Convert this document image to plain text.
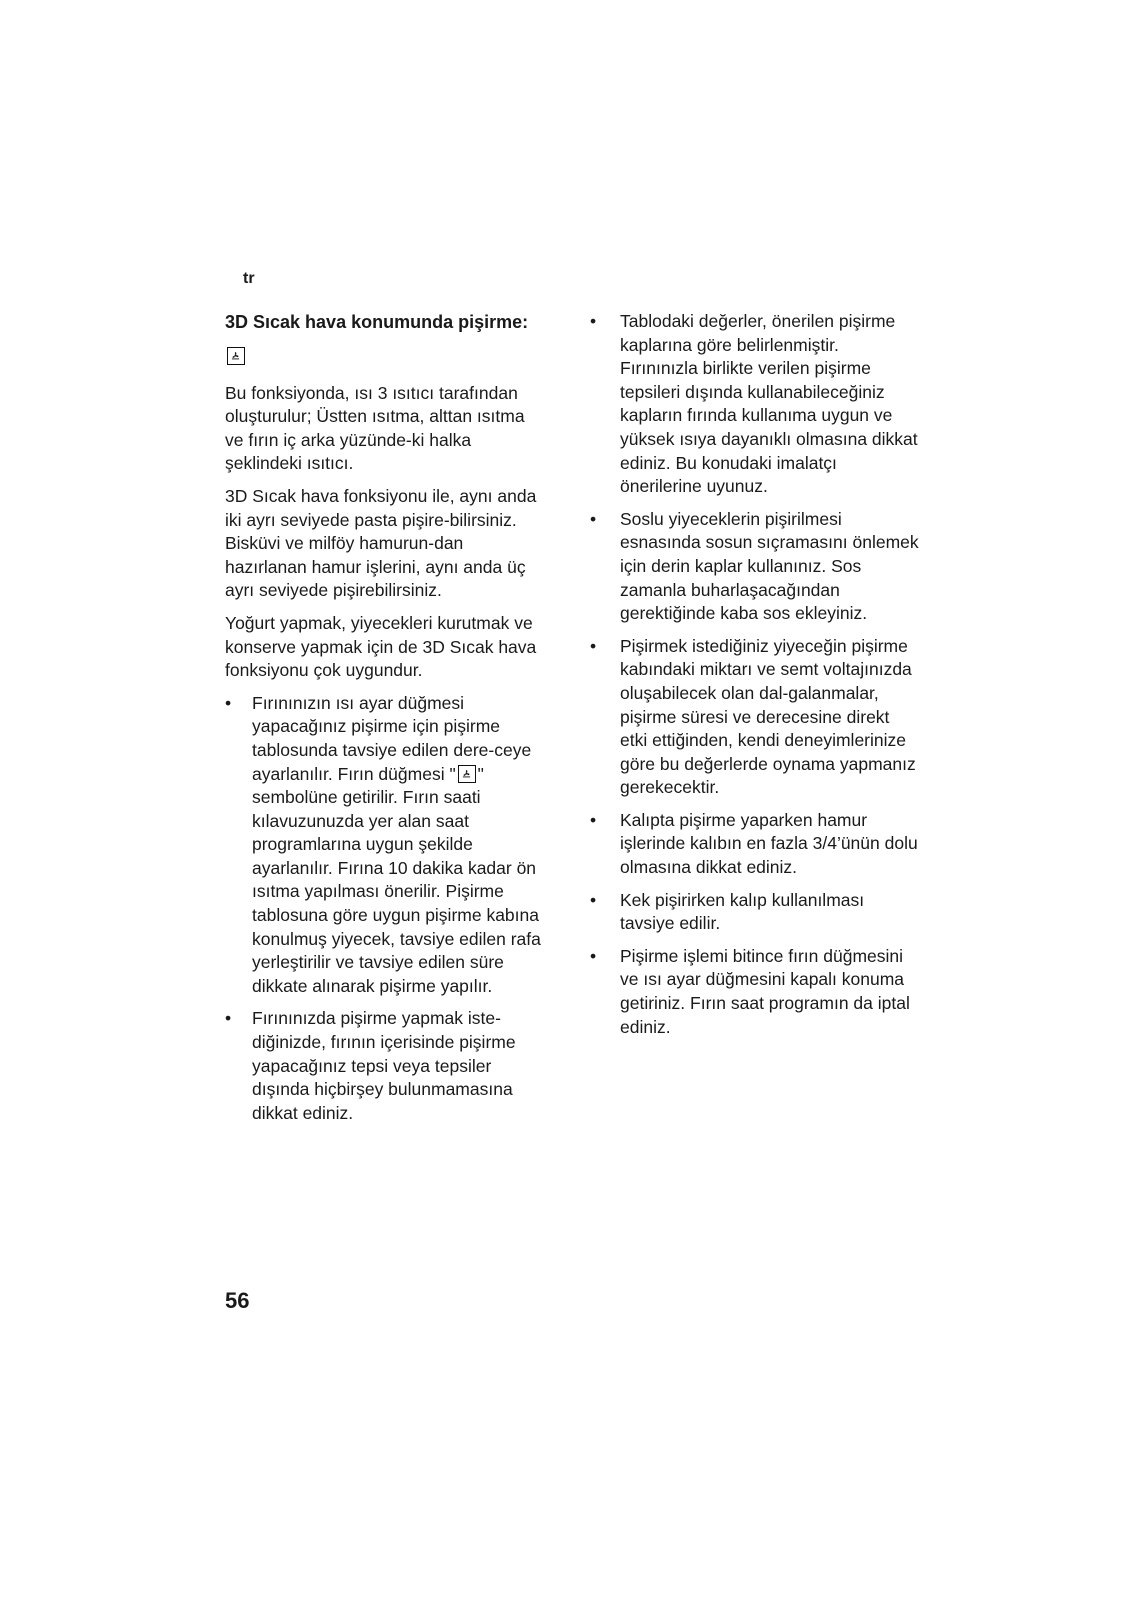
tr

3D Sıcak hava konumunda pişirme:

Bu fonksiyonda, ısı 3 ısıtıcı tarafından oluşturulur; Üstten ısıtma, alttan ısıtma ve fırın iç arka yüzünde-ki halka şeklindeki ısıtıcı.

3D Sıcak hava fonksiyonu ile, aynı anda iki ayrı seviyede pasta pişire-bilirsiniz. Bisküvi ve milföy hamurun-dan hazırlanan hamur işlerini, aynı anda üç ayrı seviyede pişirebilirsiniz.

Yoğurt yapmak, yiyecekleri kurutmak ve konserve yapmak için de 3D Sıcak hava fonksiyonu çok uygundur.

•	Fırınınızın ısı ayar düğmesi yapacağınız pişirme için pişirme tablosunda tavsiye edilen dere-ceye ayarlanılır. Fırın düğmesi " " sembolüne getirilir. Fırın saati kılavuzunuzda yer alan saat programlarına uygun şekilde ayarlanılır. Fırına 10 dakika kadar ön ısıtma yapılması önerilir. Pişirme tablosuna göre uygun pişirme kabına konulmuş yiyecek, tavsiye edilen rafa yerleştirilir ve tavsiye edilen süre dikkate alınarak pişirme yapılır.
•	Fırınınızda pişirme yapmak iste-diğinizde, fırının içerisinde pişirme yapacağınız tepsi veya tepsiler dışında hiçbirşey bulunmamasına dikkat ediniz.
•	Tablodaki değerler, önerilen pişirme kaplarına göre belirlenmiştir. Fırınınızla birlikte verilen pişirme tepsileri dışında kullanabileceğiniz kapların fırında kullanıma uygun ve yüksek ısıya dayanıklı olmasına dikkat ediniz. Bu konudaki imalatçı önerilerine uyunuz.
•	Soslu yiyeceklerin pişirilmesi esnasında sosun sıçramasını önlemek için derin kaplar kullanınız. Sos zamanla buharlaşacağından gerektiğinde kaba sos ekleyiniz.
•	Pişirmek istediğiniz yiyeceğin pişirme kabındaki miktarı ve semt voltajınızda oluşabilecek olan dal-galanmalar, pişirme süresi ve derecesine direkt etki ettiğinden, kendi deneyimlerinize göre bu değerlerde oynama yapmanız gerekecektir.
•	Kalıpta pişirme yaparken hamur işlerinde kalıbın en fazla 3/4’ünün dolu olmasına dikkat ediniz.
•	Kek pişirirken kalıp kullanılması tavsiye edilir.
•	Pişirme işlemi bitince fırın düğmesini ve ısı ayar düğmesini kapalı konuma getiriniz. Fırın saat programın da iptal ediniz.
56
